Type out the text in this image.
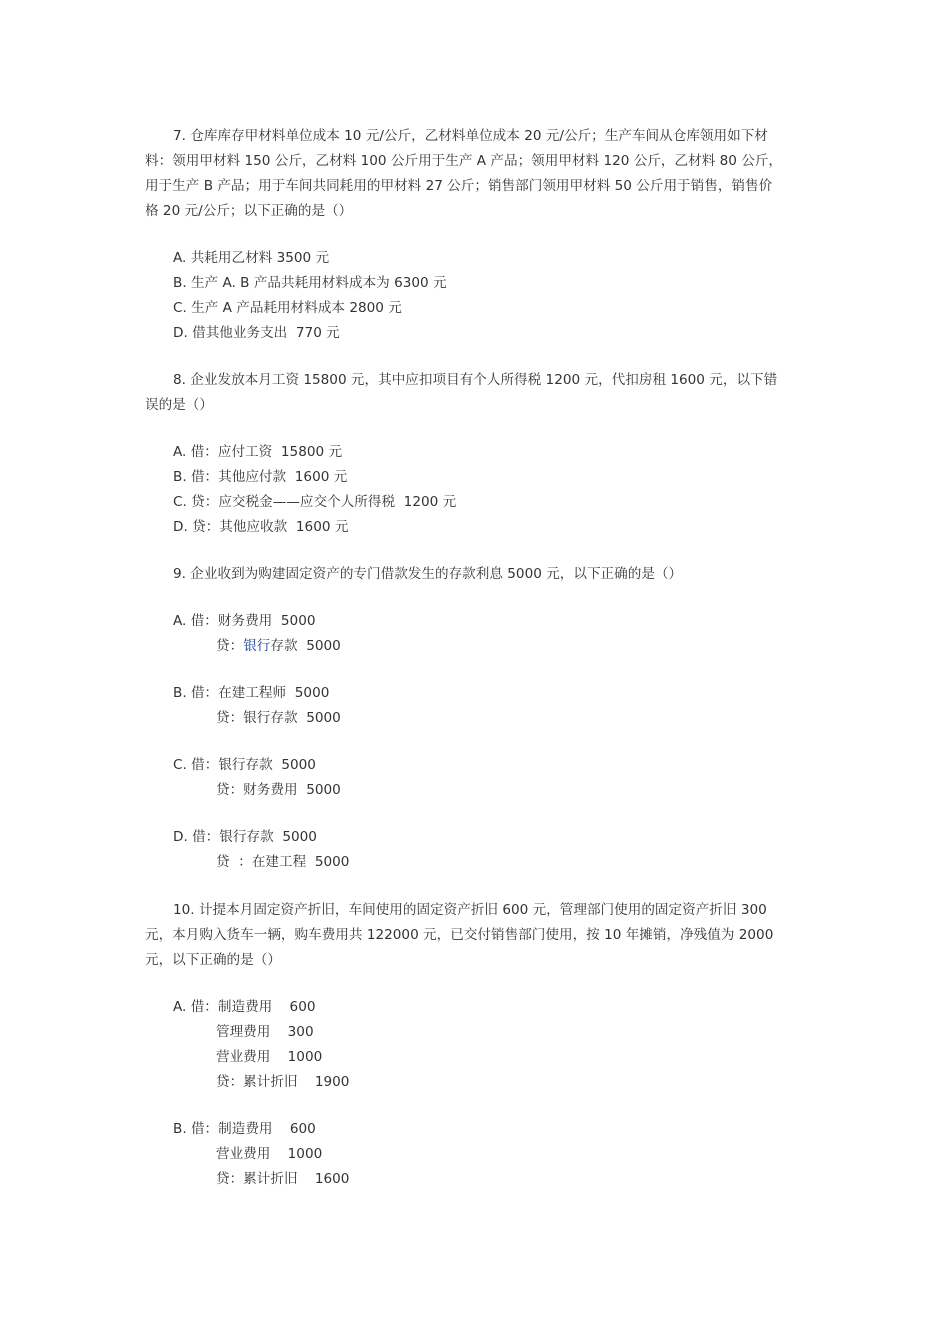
7. 仓库库存甲材料单位成本 10 元/公斤，乙材料单位成本 20 元/公斤；生产车间从仓库领用如下材
料：领用甲材料 150 公斤，乙材料 100 公斤用于生产 A 产品；领用甲材料 120 公斤，乙材料 80 公斤，
用于生产 B 产品；用于车间共同耗用的甲材料 27 公斤；销售部门领用甲材料 50 公斤用于销售，销售价
格 20 元/公斤；以下正确的是（）
A. 共耗用乙材料 3500 元
B. 生产 A. B 产品共耗用材料成本为 6300 元
C. 生产 A 产品耗用材料成本 2800 元
D. 借其他业务支出  770 元
8. 企业发放本月工资 15800 元，其中应扣项目有个人所得税 1200 元，代扣房租 1600 元，以下错
误的是（）
A. 借：应付工资  15800 元
B. 借：其他应付款  1600 元
C. 贷：应交税金——应交个人所得税  1200 元
D. 贷：其他应收款  1600 元
9. 企业收到为购建固定资产的专门借款发生的存款利息 5000 元，以下正确的是（）
A. 借：财务费用  5000
贷：银行存款  5000
B. 借：在建工程师  5000
贷：银行存款  5000
C. 借：银行存款  5000
贷：财务费用  5000
D. 借：银行存款  5000
贷  ：在建工程  5000
10. 计提本月固定资产折旧，车间使用的固定资产折旧 600 元，管理部门使用的固定资产折旧 300
元，本月购入货车一辆，购车费用共 122000 元，已交付销售部门使用，按 10 年摊销，净残值为 2000
元，以下正确的是（）
A. 借：制造费用    600
管理费用    300
营业费用    1000
贷：累计折旧    1900
B. 借：制造费用    600
营业费用    1000
贷：累计折旧    1600
